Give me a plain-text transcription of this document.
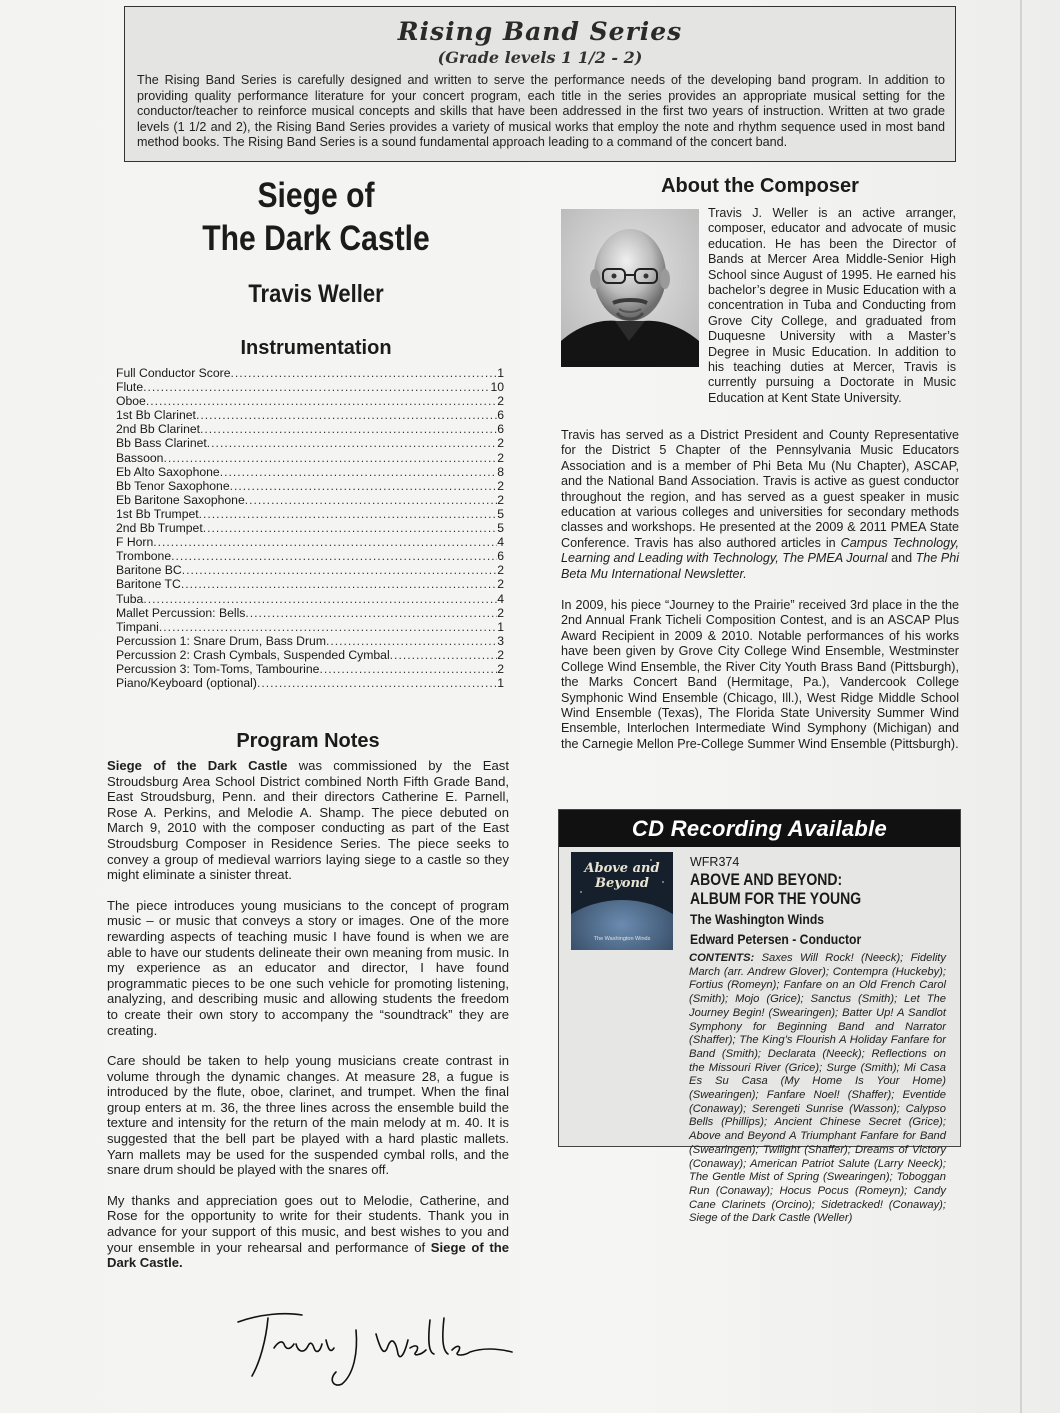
Rising Band Series
(Grade levels 1 1/2 - 2)
The Rising Band Series is carefully designed and written to serve the performance needs of the developing band program. In addition to providing quality performance literature for your concert program, each title in the series provides an appropriate musical setting for the conductor/teacher to reinforce musical concepts and skills that have been addressed in the first two years of instruction. Written at two grade levels (1 1/2 and 2), the Rising Band Series provides a variety of musical works that employ the note and rhythm sequence used in most band method books. The Rising Band Series is a sound fundamental approach leading to a command of the concert band.
Siege of
The Dark Castle
Travis Weller
Instrumentation
Full Conductor Score .....	1
Flute .....	10
Oboe .....	2
1st Bb Clarinet .....	6
2nd Bb Clarinet .....	6
Bb Bass Clarinet .....	2
Bassoon .....	2
Eb Alto Saxophone .....	8
Bb Tenor Saxophone .....	2
Eb Baritone Saxophone .....	2
1st Bb Trumpet .....	5
2nd Bb Trumpet .....	5
F Horn .....	4
Trombone .....	6
Baritone BC .....	2
Baritone TC .....	2
Tuba .....	4
Mallet Percussion: Bells .....	2
Timpani .....	1
Percussion 1: Snare Drum, Bass Drum .....	3
Percussion 2: Crash Cymbals, Suspended Cymbal .....	2
Percussion 3: Tom-Toms, Tambourine .....	2
Piano/Keyboard (optional) .....	1
Program Notes

Siege of the Dark Castle was commissioned by the East Stroudsburg Area School District combined North Fifth Grade Band, East Stroudsburg, Penn. and their directors Catherine E. Parnell, Rose A. Perkins, and Melodie A. Shamp. The piece debuted on March 9, 2010 with the composer conducting as part of the East Stroudsburg Composer in Residence Series. The piece seeks to convey a group of medieval warriors laying siege to a castle so they might eliminate a sinister threat.

The piece introduces young musicians to the concept of program music – or music that conveys a story or images. One of the more rewarding aspects of teaching music I have found is when we are able to have our students delineate their own meaning from music. In my experience as an educator and director, I have found programmatic pieces to be one such vehicle for promoting listening, analyzing, and describing music and allowing students the freedom to create their own story to accompany the “soundtrack” they are creating.

Care should be taken to help young musicians create contrast in volume through the dynamic changes. At measure 28, a fugue is introduced by the flute, oboe, clarinet, and trumpet. When the final group enters at m. 36, the three lines across the ensemble build the texture and intensity for the return of the main melody at m. 40. It is suggested that the bell part be played with a hard plastic mallets. Yarn mallets may be used for the suspended cymbal rolls, and the snare drum should be played with the snares off.

My thanks and appreciation goes out to Melodie, Catherine, and Rose for the opportunity to write for their students. Thank you in advance for your support of this music, and best wishes to you and your ensemble in your rehearsal and performance of Siege of the Dark Castle.

Travis J. Weller
About the Composer
Travis J. Weller is an active arranger, composer, educator and advocate of music education. He has been the Director of Bands at Mercer Area Middle-Senior High School since August of 1995. He earned his bachelor’s degree in Music Education with a concentration in Tuba and Conducting from Grove City College, and graduated from Duquesne University with a Master’s Degree in Music Education. In addition to his teaching duties at Mercer, Travis is currently pursuing a Doctorate in Music Education at Kent State University.

Travis has served as a District President and County Representative for the District 5 Chapter of the Pennsylvania Music Educators Association and is a member of Phi Beta Mu (Nu Chapter), ASCAP, and the National Band Association. Travis is active as guest conductor throughout the region, and has served as a guest speaker in music education at various colleges and universities for secondary methods classes and workshops. He presented at the 2009 & 2011 PMEA State Conference. Travis has also authored articles in Campus Technology, Learning and Leading with Technology, The PMEA Journal and The Phi Beta Mu International Newsletter.

In 2009, his piece “Journey to the Prairie” received 3rd place in the the 2nd Annual Frank Ticheli Composition Contest, and is an ASCAP Plus Award Recipient in 2009 & 2010. Notable performances of his works have been given by Grove City College Wind Ensemble, Westminster College Wind Ensemble, the River City Youth Brass Band (Pittsburgh), the Marks Concert Band (Hermitage, Pa.), Vandercook College Symphonic Wind Ensemble (Chicago, Ill.), West Ridge Middle School Wind Ensemble (Texas), The Florida State University Summer Wind Ensemble, Interlochen Intermediate Wind Symphony (Michigan) and the Carnegie Mellon Pre-College Summer Wind Ensemble (Pittsburgh).

CD Recording Available
Above and
Beyond
The Washington Winds
WFR374
ABOVE AND BEYOND:
ALBUM FOR THE YOUNG
The Washington Winds
Edward Petersen - Conductor
CONTENTS: Saxes Will Rock! (Neeck); Fidelity March (arr. Andrew Glover); Contempra (Huckeby); Fortius (Romeyn); Fanfare on an Old French Carol (Smith); Mojo (Grice); Sanctus (Smith); Let The Journey Begin! (Swearingen); Batter Up! A Sandlot Symphony for Beginning Band and Narrator (Shaffer); The King’s Flourish A Holiday Fanfare for Band (Smith); Declarata (Neeck); Reflections on the Missouri River (Grice); Surge (Smith); Mi Casa Es Su Casa (My Home Is Your Home) (Swearingen); Fanfare Noel! (Shaffer); Eventide (Conaway); Serengeti Sunrise (Wasson); Calypso Bells (Phillips); Ancient Chinese Secret (Grice); Above and Beyond A Triumphant Fanfare for Band (Swearingen); Twilight (Shaffer); Dreams of Victory (Conaway); American Patriot Salute (Larry Neeck); The Gentle Mist of Spring (Swearingen); Toboggan Run (Conaway); Hocus Pocus (Romeyn); Candy Cane Clarinets (Orcino); Sidetracked! (Conaway); Siege of the Dark Castle (Weller)
